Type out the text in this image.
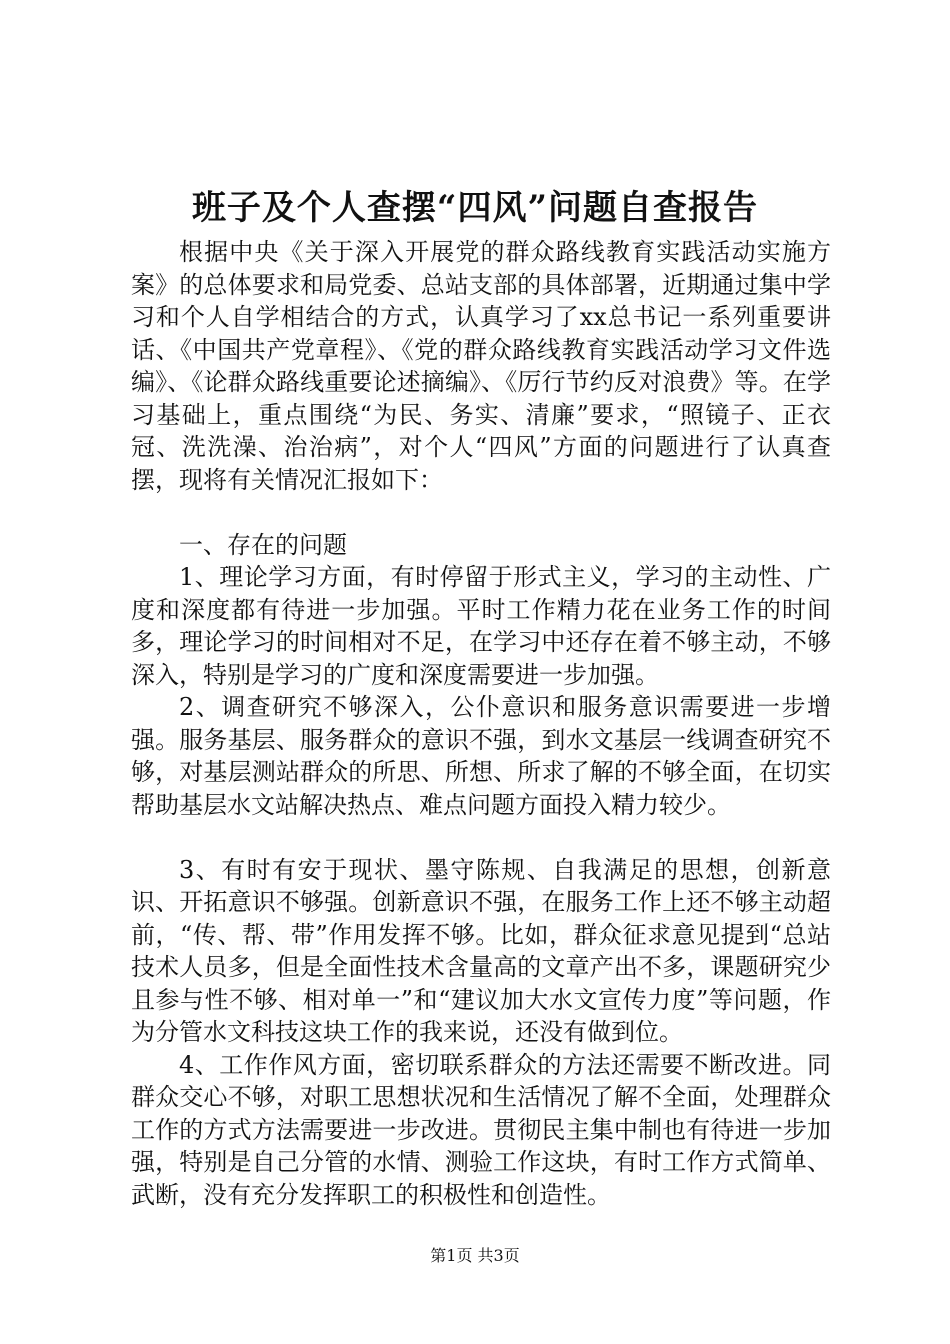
班子及个人查摆“四风”问题自查报告

根据中央《关于深入开展党的群众路线教育实践活动实施方案》的总体要求和局党委、总站支部的具体部署，近期通过集中学习和个人自学相结合的方式，认真学习了xx总书记一系列重要讲话、《中国共产党章程》、《党的群众路线教育实践活动学习文件选编》、《论群众路线重要论述摘编》、《厉行节约反对浪费》等。在学习基础上，重点围绕“为民、务实、清廉”要求，“照镜子、正衣冠、洗洗澡、治治病”，对个人“四风”方面的问题进行了认真查摆，现将有关情况汇报如下：

一、存在的问题

1、理论学习方面，有时停留于形式主义，学习的主动性、广度和深度都有待进一步加强。平时工作精力花在业务工作的时间多，理论学习的时间相对不足，在学习中还存在着不够主动，不够深入，特别是学习的广度和深度需要进一步加强。

2、调查研究不够深入，公仆意识和服务意识需要进一步增强。服务基层、服务群众的意识不强，到水文基层一线调查研究不够，对基层测站群众的所思、所想、所求了解的不够全面，在切实帮助基层水文站解决热点、难点问题方面投入精力较少。

3、有时有安于现状、墨守陈规、自我满足的思想，创新意识、开拓意识不够强。创新意识不强，在服务工作上还不够主动超前，“传、帮、带”作用发挥不够。比如，群众征求意见提到“总站技术人员多，但是全面性技术含量高的文章产出不多，课题研究少且参与性不够、相对单一”和“建议加大水文宣传力度”等问题，作为分管水文科技这块工作的我来说，还没有做到位。

4、工作作风方面，密切联系群众的方法还需要不断改进。同群众交心不够，对职工思想状况和生活情况了解不全面，处理群众工作的方式方法需要进一步改进。贯彻民主集中制也有待进一步加强，特别是自己分管的水情、测验工作这块，有时工作方式简单、武断，没有充分发挥职工的积极性和创造性。

第1页 共3页
